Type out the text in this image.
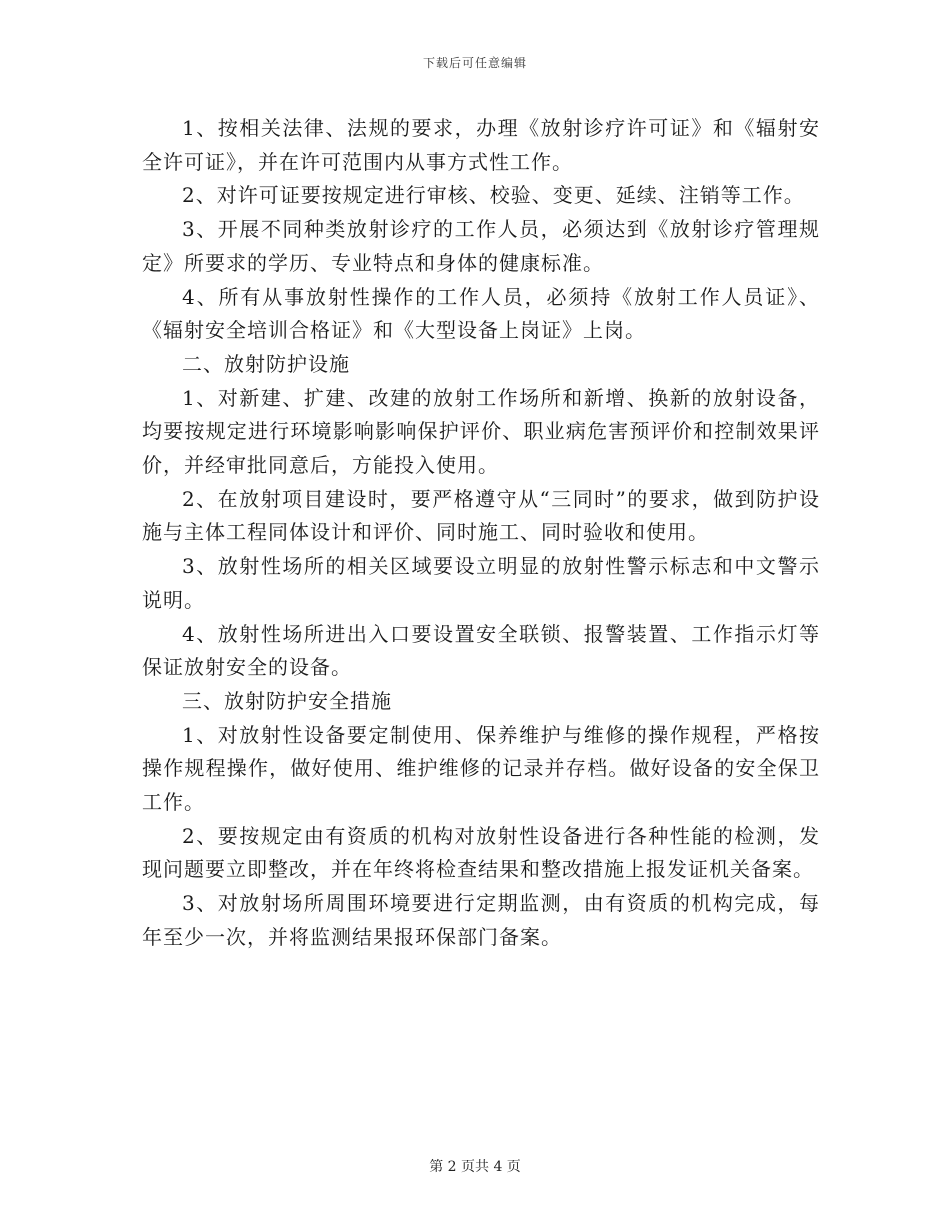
下载后可任意编辑

1、按相关法律、法规的要求，办理《放射诊疗许可证》和《辐射安全许可证》，并在许可范围内从事方式性工作。

2、对许可证要按规定进行审核、校验、变更、延续、注销等工作。

3、开展不同种类放射诊疗的工作人员，必须达到《放射诊疗管理规定》所要求的学历、专业特点和身体的健康标准。

4、所有从事放射性操作的工作人员，必须持《放射工作人员证》、《辐射安全培训合格证》和《大型设备上岗证》上岗。

二、放射防护设施

1、对新建、扩建、改建的放射工作场所和新增、换新的放射设备，均要按规定进行环境影响影响保护评价、职业病危害预评价和控制效果评价，并经审批同意后，方能投入使用。

2、在放射项目建设时，要严格遵守从“三同时”的要求，做到防护设施与主体工程同体设计和评价、同时施工、同时验收和使用。

3、放射性场所的相关区域要设立明显的放射性警示标志和中文警示说明。

4、放射性场所进出入口要设置安全联锁、报警装置、工作指示灯等保证放射安全的设备。

三、放射防护安全措施

1、对放射性设备要定制使用、保养维护与维修的操作规程，严格按操作规程操作，做好使用、维护维修的记录并存档。做好设备的安全保卫工作。

2、要按规定由有资质的机构对放射性设备进行各种性能的检测，发现问题要立即整改，并在年终将检查结果和整改措施上报发证机关备案。

3、对放射场所周围环境要进行定期监测，由有资质的机构完成，每年至少一次，并将监测结果报环保部门备案。

第 2 页共 4 页
